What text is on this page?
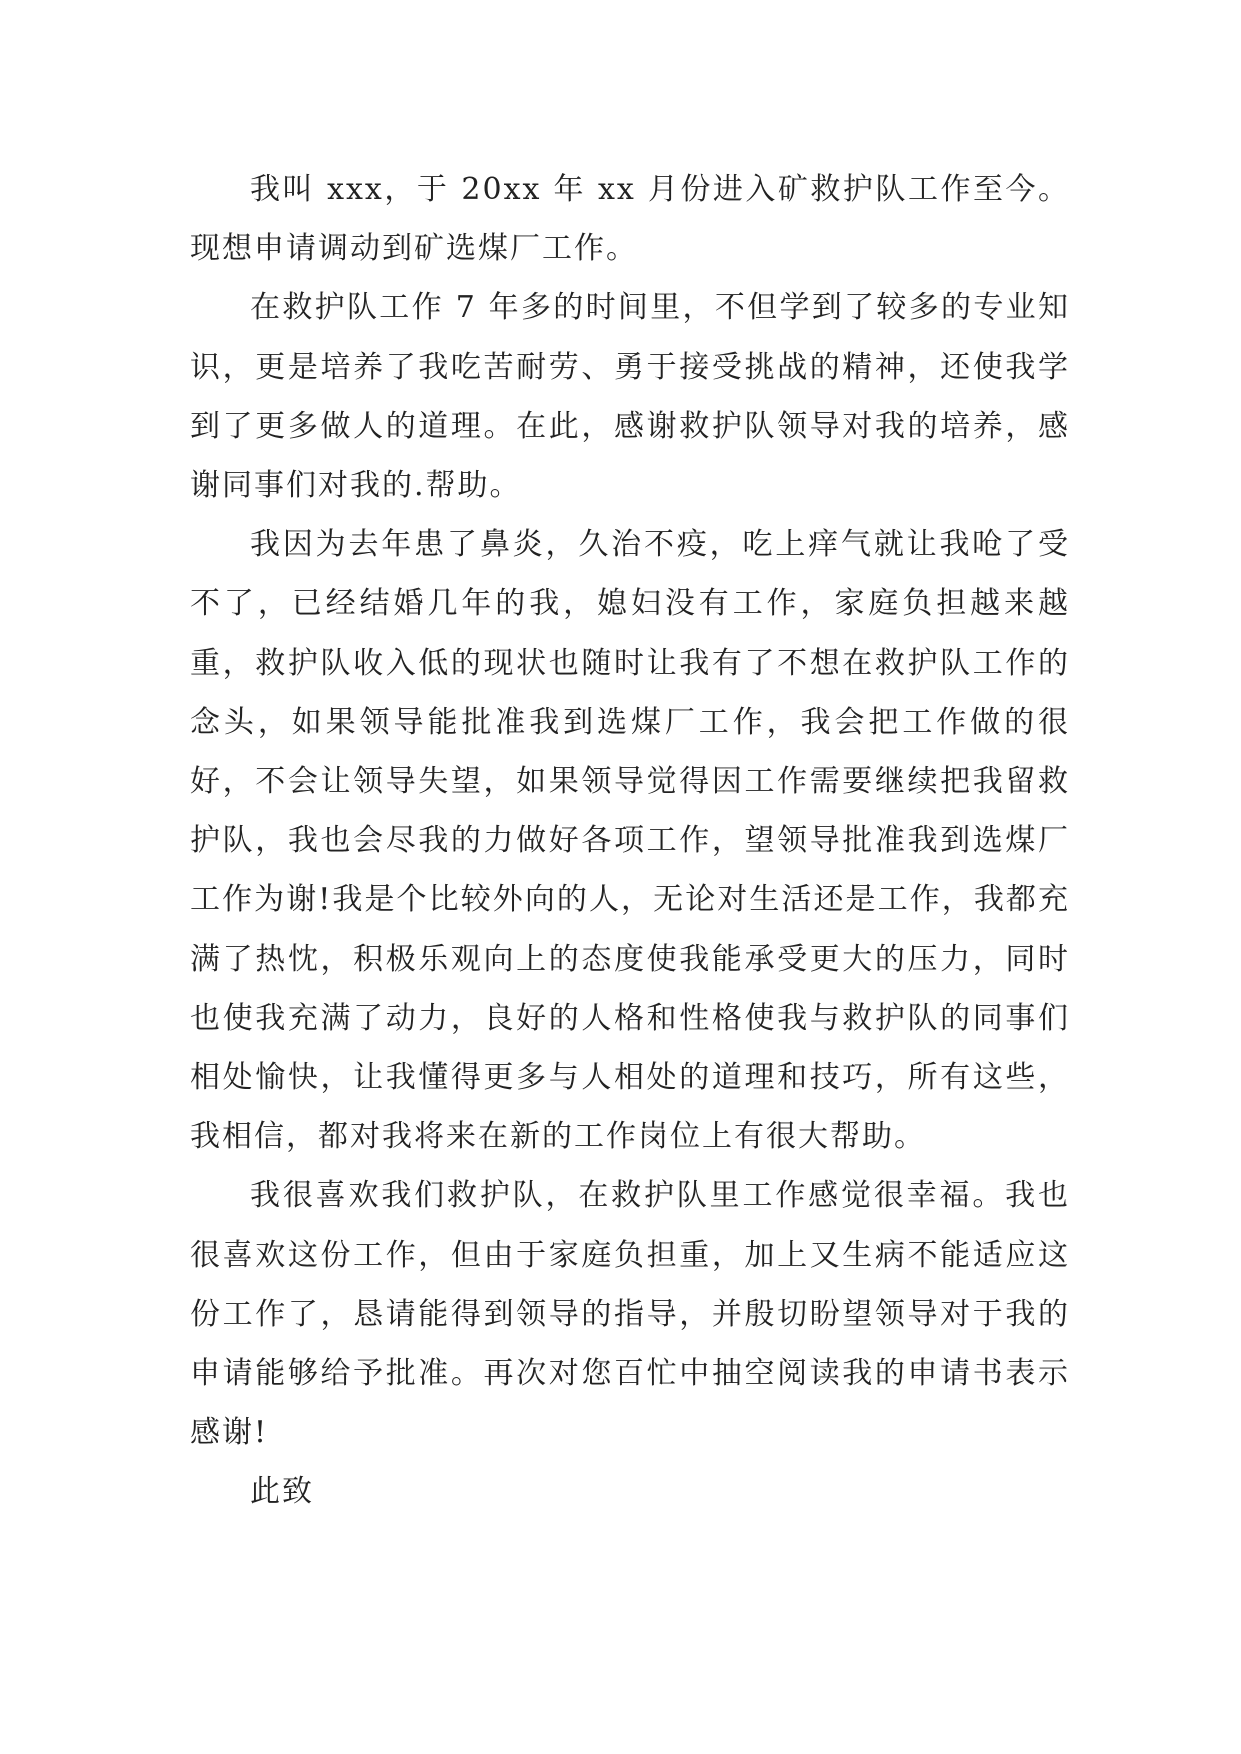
我叫 xxx，于 20xx 年 xx 月份进入矿救护队工作至今。现想申请调动到矿选煤厂工作。

在救护队工作 7 年多的时间里，不但学到了较多的专业知识，更是培养了我吃苦耐劳、勇于接受挑战的精神，还使我学到了更多做人的道理。在此，感谢救护队领导对我的培养，感谢同事们对我的.帮助。

我因为去年患了鼻炎，久治不疫，吃上痒气就让我呛了受不了，已经结婚几年的我，媳妇没有工作，家庭负担越来越重，救护队收入低的现状也随时让我有了不想在救护队工作的念头，如果领导能批准我到选煤厂工作，我会把工作做的很好，不会让领导失望，如果领导觉得因工作需要继续把我留救护队，我也会尽我的力做好各项工作，望领导批准我到选煤厂工作为谢!我是个比较外向的人，无论对生活还是工作，我都充满了热忱，积极乐观向上的态度使我能承受更大的压力，同时也使我充满了动力，良好的人格和性格使我与救护队的同事们相处愉快，让我懂得更多与人相处的道理和技巧，所有这些，我相信，都对我将来在新的工作岗位上有很大帮助。

我很喜欢我们救护队，在救护队里工作感觉很幸福。我也很喜欢这份工作，但由于家庭负担重，加上又生病不能适应这份工作了，恳请能得到领导的指导，并殷切盼望领导对于我的申请能够给予批准。再次对您百忙中抽空阅读我的申请书表示感谢!

此致
